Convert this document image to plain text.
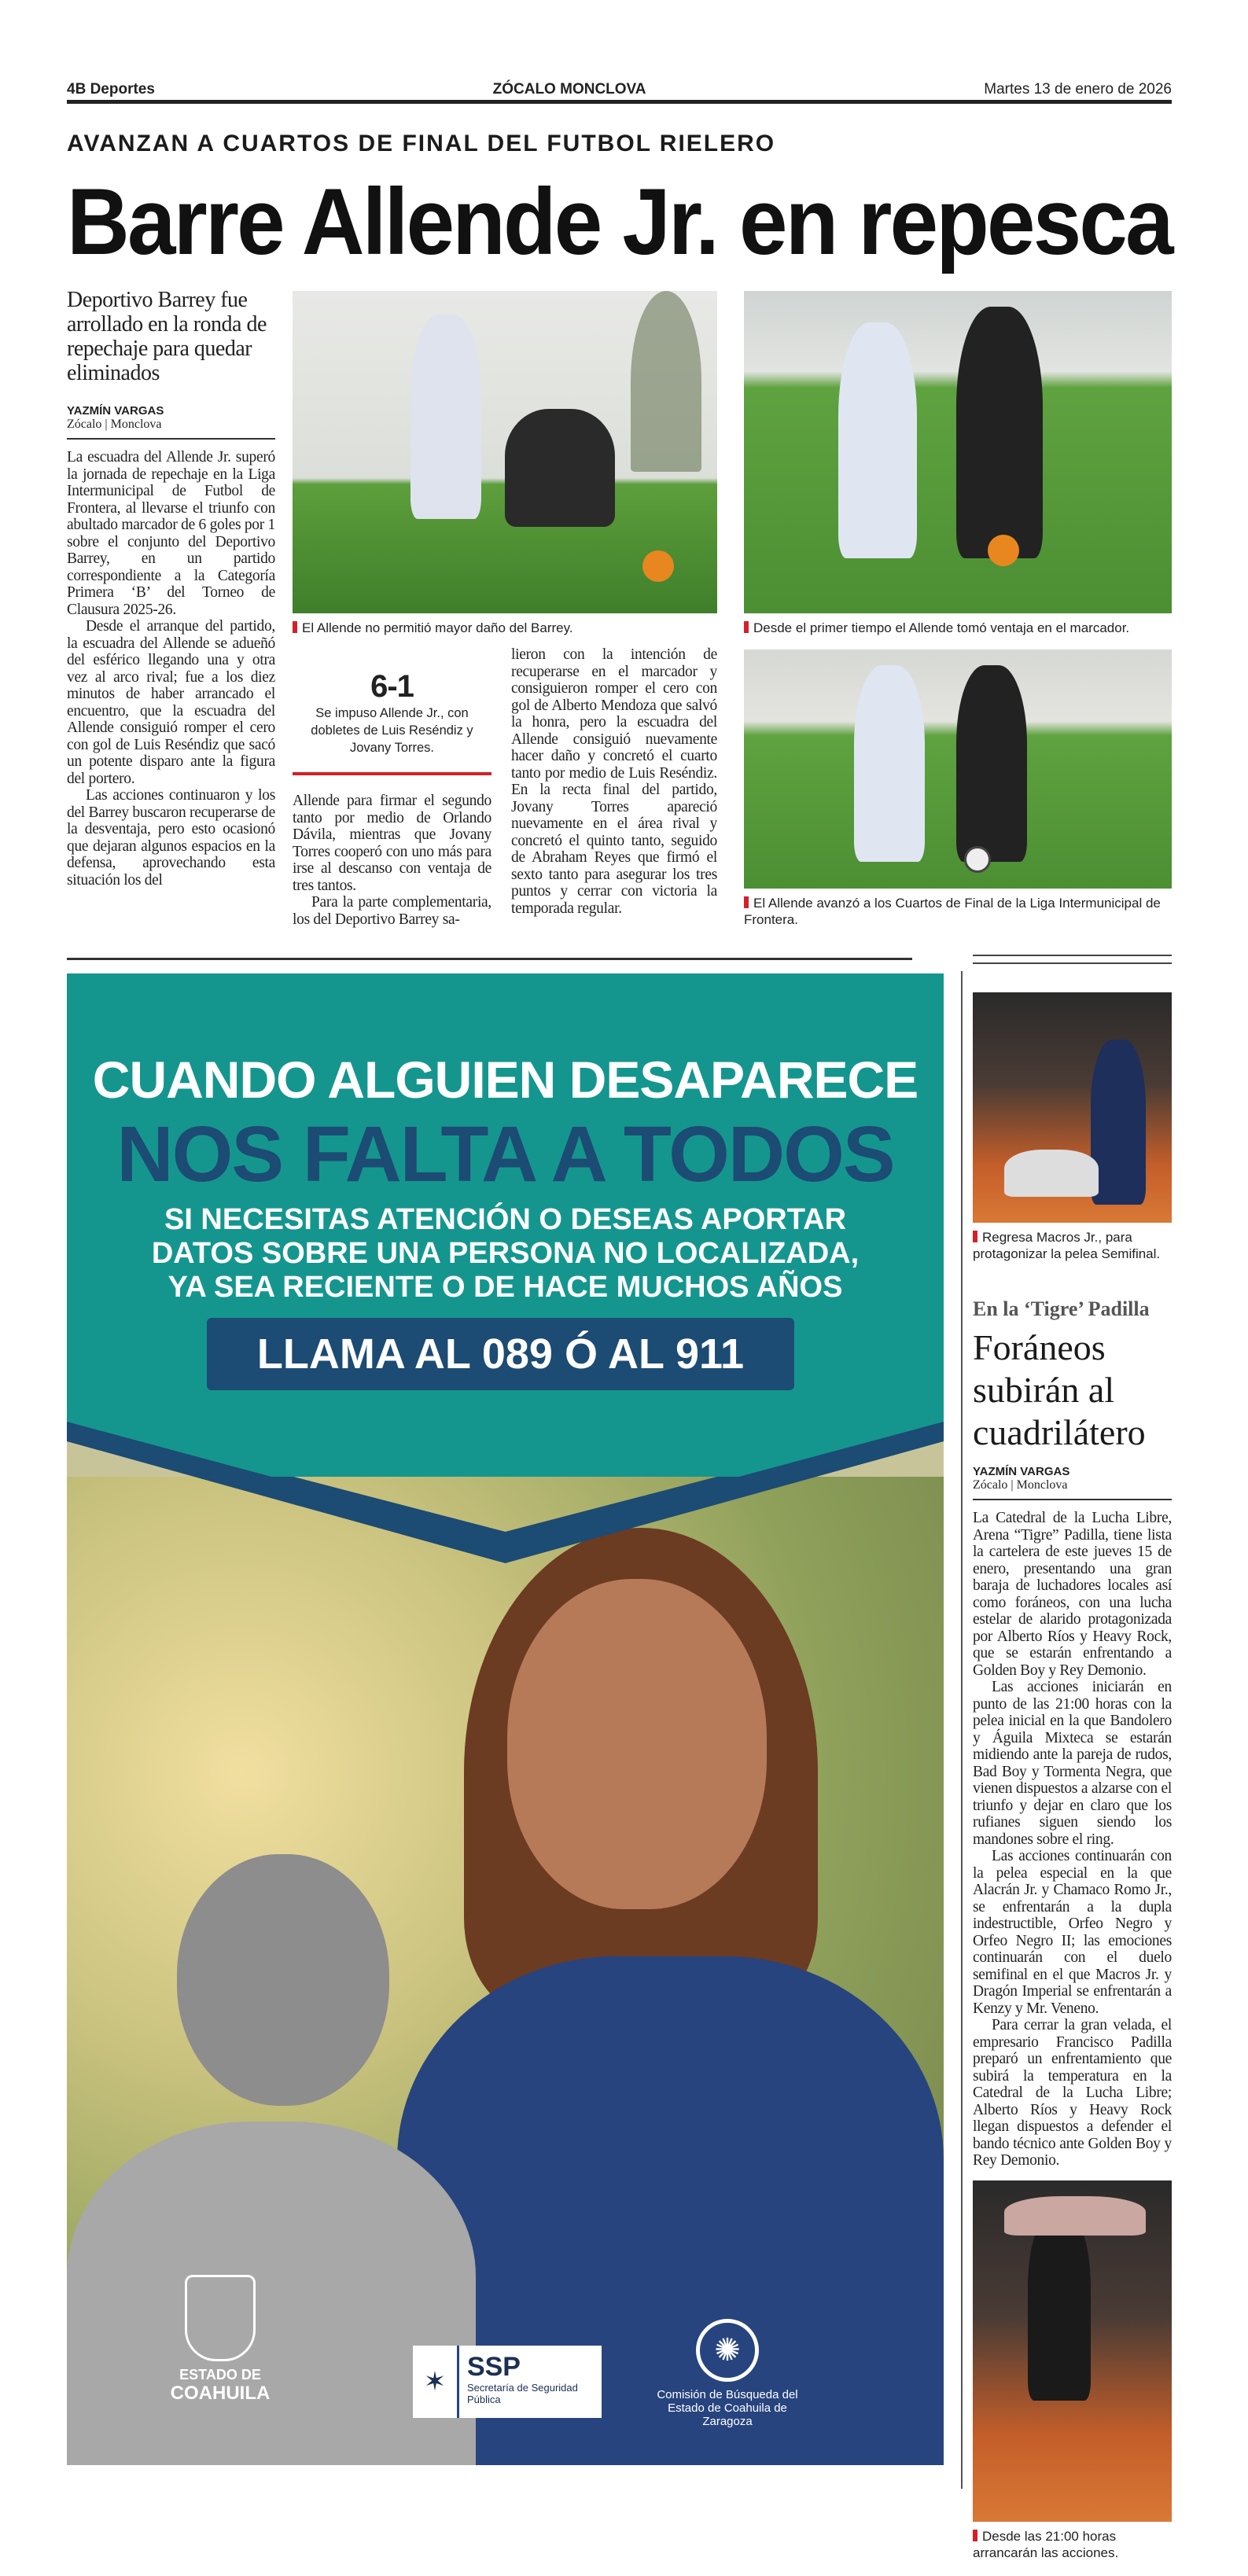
4B Deportes	ZÓCALO MONCLOVA	Martes 13 de enero de 2026
AVANZAN A CUARTOS DE FINAL DEL FUTBOL RIELERO
Barre Allende Jr. en repesca
Deportivo Barrey fue arrollado en la ronda de repechaje para quedar eliminados
YAZMÍN VARGAS
Zócalo | Monclova

La escuadra del Allende Jr. superó la jornada de repechaje en la Liga Intermunicipal de Futbol de Frontera, al llevarse el triunfo con abultado marcador de 6 goles por 1 sobre el conjunto del Deportivo Barrey, en un partido correspondiente a la Categoría Primera ‘B’ del Torneo de Clausura 2025-26.

Desde el arranque del partido, la escuadra del Allende se adueñó del esférico llegando una y otra vez al arco rival; fue a los diez minutos de haber arrancado el encuentro, que la escuadra del Allende consiguió romper el cero con gol de Luis Reséndiz que sacó un potente disparo ante la figura del portero.

Las acciones continuaron y los del Barrey buscaron recuperarse de la desventaja, pero esto ocasionó que dejaran algunos espacios en la defensa, aprovechando esta situación los del

El Allende no permitió mayor daño del Barrey.	Desde el primer tiempo el Allende tomó ventaja en el marcador.
El Allende avanzó a los Cuartos de Final de la Liga Intermunicipal de Frontera.
6-1
Se impuso Allende Jr., con dobletes de Luis Reséndiz y Jovany Torres.

Allende para firmar el segundo tanto por medio de Orlando Dávila, mientras que Jovany Torres cooperó con uno más para irse al descanso con ventaja de tres tantos.

Para la parte complementaria, los del Deportivo Barrey sa-

lieron con la intención de recuperarse en el marcador y consiguieron romper el cero con gol de Alberto Mendoza que salvó la honra, pero la escuadra del Allende consiguió nuevamente hacer daño y concretó el cuarto tanto por medio de Luis Reséndiz. En la recta final del partido, Jovany Torres apareció nuevamente en el área rival y concretó el quinto tanto, seguido de Abraham Reyes que firmó el sexto tanto para asegurar los tres puntos y cerrar con victoria la temporada regular.

CUANDO ALGUIEN DESAPARECE
NOS FALTA A TODOS
SI NECESITAS ATENCIÓN O DESEAS APORTAR
DATOS SOBRE UNA PERSONA NO LOCALIZADA,
YA SEA RECIENTE O DE HACE MUCHOS AÑOS
LLAMA AL 089 Ó AL 911
ESTADO DE
COAHUILA	✶
SSP
Secretaría de Seguridad Pública
✺
Comisión de Búsqueda del Estado de Coahuila de Zaragoza
Regresa Macros Jr., para protagonizar la pelea Semifinal.
En la ‘Tigre’ Padilla
Foráneos subirán al cuadrilátero
YAZMÍN VARGAS
Zócalo | Monclova

La Catedral de la Lucha Libre, Arena “Tigre” Padilla, tiene lista la cartelera de este jueves 15 de enero, presentando una gran baraja de luchadores locales así como foráneos, con una lucha estelar de alarido protagonizada por Alberto Ríos y Heavy Rock, que se estarán enfrentando a Golden Boy y Rey Demonio.

Las acciones iniciarán en punto de las 21:00 horas con la pelea inicial en la que Bandolero y Águila Mixteca se estarán midiendo ante la pareja de rudos, Bad Boy y Tormenta Negra, que vienen dispuestos a alzarse con el triunfo y dejar en claro que los rufianes siguen siendo los mandones sobre el ring.

Las acciones continuarán con la pelea especial en la que Alacrán Jr. y Chamaco Romo Jr., se enfrentarán a la dupla indestructible, Orfeo Negro y Orfeo Negro II; las emociones continuarán con el duelo semifinal en el que Macros Jr. y Dragón Imperial se enfrentarán a Kenzy y Mr. Veneno.

Para cerrar la gran velada, el empresario Francisco Padilla preparó un enfrentamiento que subirá la temperatura en la Catedral de la Lucha Libre; Alberto Ríos y Heavy Rock llegan dispuestos a defender el bando técnico ante Golden Boy y Rey Demonio.

Desde las 21:00 horas arrancarán las acciones.
